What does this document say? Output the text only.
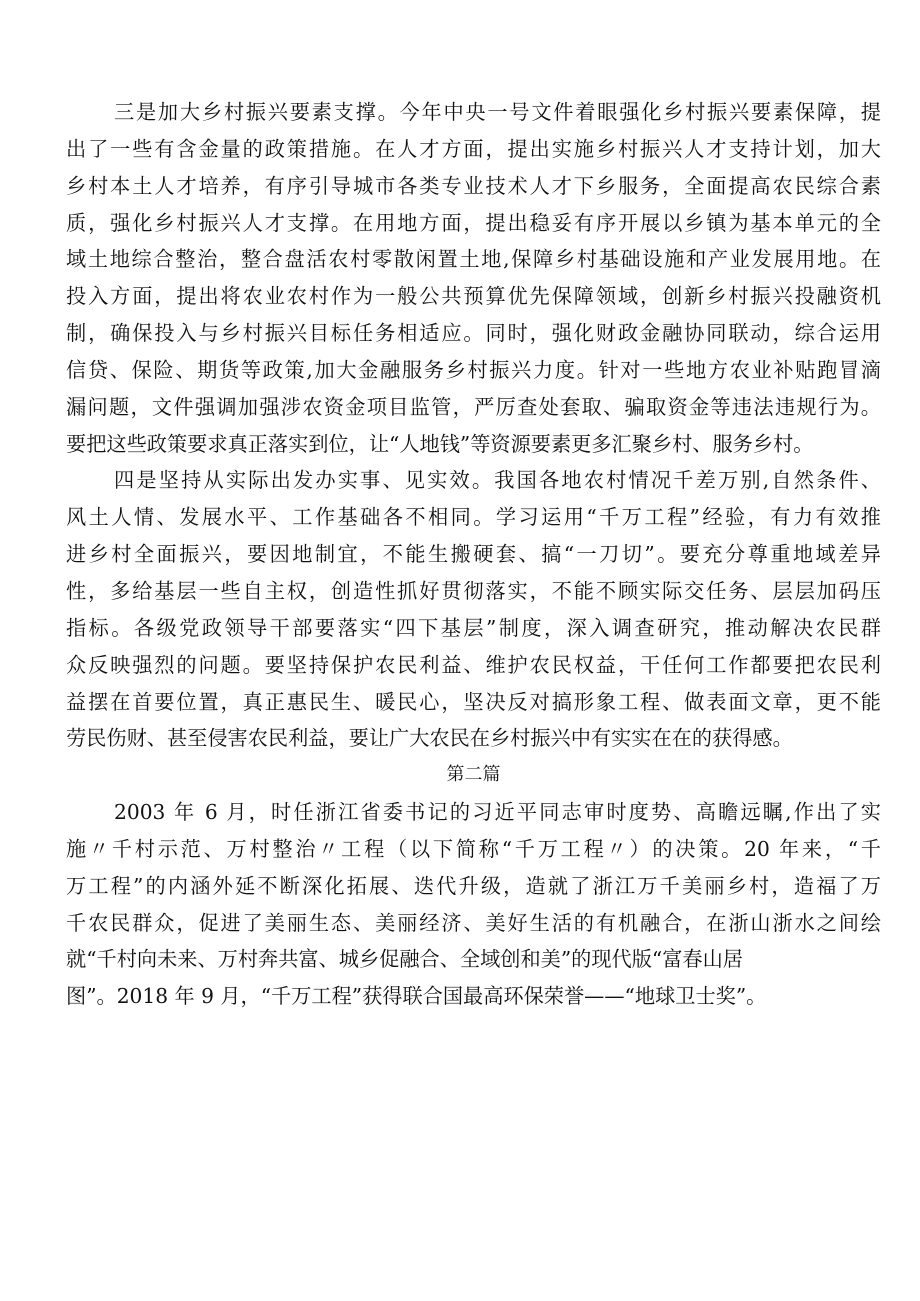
三是加大乡村振兴要素支撑。今年中央一号文件着眼强化乡村振兴要素保障，提
出了一些有含金量的政策措施。在人才方面，提出实施乡村振兴人才支持计划，加大
乡村本土人才培养，有序引导城市各类专业技术人才下乡服务，全面提高农民综合素
质，强化乡村振兴人才支撑。在用地方面，提出稳妥有序开展以乡镇为基本单元的全
域土地综合整治，整合盘活农村零散闲置土地,保障乡村基础设施和产业发展用地。在
投入方面，提出将农业农村作为一般公共预算优先保障领域，创新乡村振兴投融资机
制，确保投入与乡村振兴目标任务相适应。同时，强化财政金融协同联动，综合运用
信贷、保险、期货等政策,加大金融服务乡村振兴力度。针对一些地方农业补贴跑冒滴
漏问题，文件强调加强涉农资金项目监管，严厉查处套取、骗取资金等违法违规行为。
要把这些政策要求真正落实到位，让“人地钱”等资源要素更多汇聚乡村、服务乡村。
四是坚持从实际出发办实事、见实效。我国各地农村情况千差万别,自然条件、
风土人情、发展水平、工作基础各不相同。学习运用“千万工程”经验，有力有效推
进乡村全面振兴，要因地制宜，不能生搬硬套、搞“一刀切”。要充分尊重地域差异
性，多给基层一些自主权，创造性抓好贯彻落实，不能不顾实际交任务、层层加码压
指标。各级党政领导干部要落实“四下基层”制度，深入调查研究，推动解决农民群
众反映强烈的问题。要坚持保护农民利益、维护农民权益，干任何工作都要把农民利
益摆在首要位置，真正惠民生、暖民心，坚决反对搞形象工程、做表面文章，更不能
劳民伤财、甚至侵害农民利益，要让广大农民在乡村振兴中有实实在在的获得感。
第二篇
2003 年 6 月，时任浙江省委书记的习近平同志审时度势、高瞻远瞩,作出了实
施〃千村示范、万村整治〃工程（以下简称“千万工程〃）的决策。20 年来，“千
万工程”的内涵外延不断深化拓展、迭代升级，造就了浙江万千美丽乡村，造福了万
千农民群众，促进了美丽生态、美丽经济、美好生活的有机融合，在浙山浙水之间绘
就“千村向未来、万村奔共富、城乡促融合、全域创和美”的现代版“富春山居
图”。2018 年 9 月，“千万工程”获得联合国最高环保荣誉——“地球卫士奖”。
